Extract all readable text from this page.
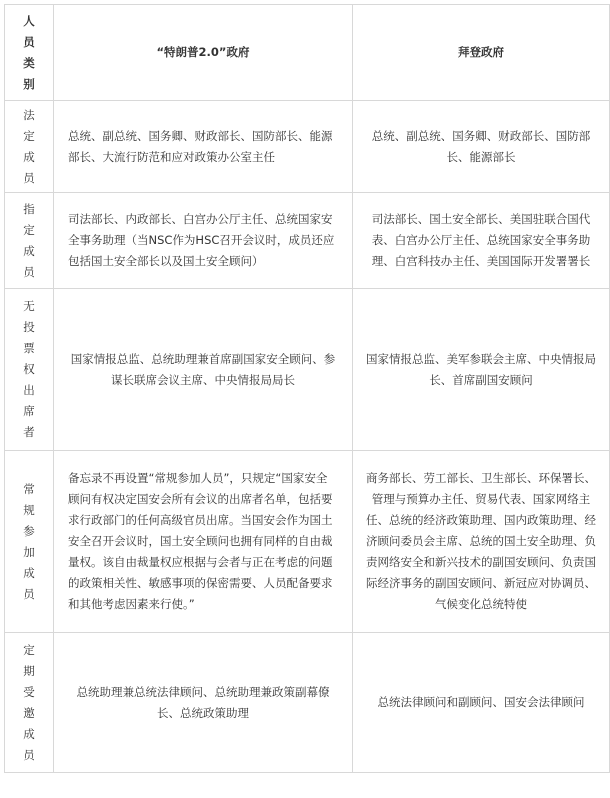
人员类别	“特朗普2.0”政府	拜登政府
法定成员	总统、副总统、国务卿、财政部长、国防部长、能源部长、大流行防范和应对政策办公室主任	总统、副总统、国务卿、财政部长、国防部长、能源部长
指定成员	司法部长、内政部长、白宫办公厅主任、总统国家安全事务助理（当NSC作为HSC召开会议时，成员还应包括国土安全部长以及国土安全顾问）	司法部长、国土安全部长、美国驻联合国代表、白宫办公厅主任、总统国家安全事务助理、白宫科技办主任、美国国际开发署署长
无投票权出席者	国家情报总监、总统助理兼首席副国家安全顾问、参谋长联席会议主席、中央情报局局长	国家情报总监、美军参联会主席、中央情报局长、首席副国安顾问
常规参加成员	备忘录不再设置“常规参加人员”，只规定“国家安全顾问有权决定国安会所有会议的出席者名单，包括要求行政部门的任何高级官员出席。当国安会作为国土安全召开会议时，国土安全顾问也拥有同样的自由裁量权。该自由裁量权应根据与会者与正在考虑的问题的政策相关性、敏感事项的保密需要、人员配备要求和其他考虑因素来行使。”	商务部长、劳工部长、卫生部长、环保署长、管理与预算办主任、贸易代表、国家网络主任、总统的经济政策助理、国内政策助理、经济顾问委员会主席、总统的国土安全助理、负责网络安全和新兴技术的副国安顾问、负责国际经济事务的副国安顾问、新冠应对协调员、气候变化总统特使
定期受邀成员	总统助理兼总统法律顾问、总统助理兼政策副幕僚长、总统政策助理	总统法律顾问和副顾问、国安会法律顾问
